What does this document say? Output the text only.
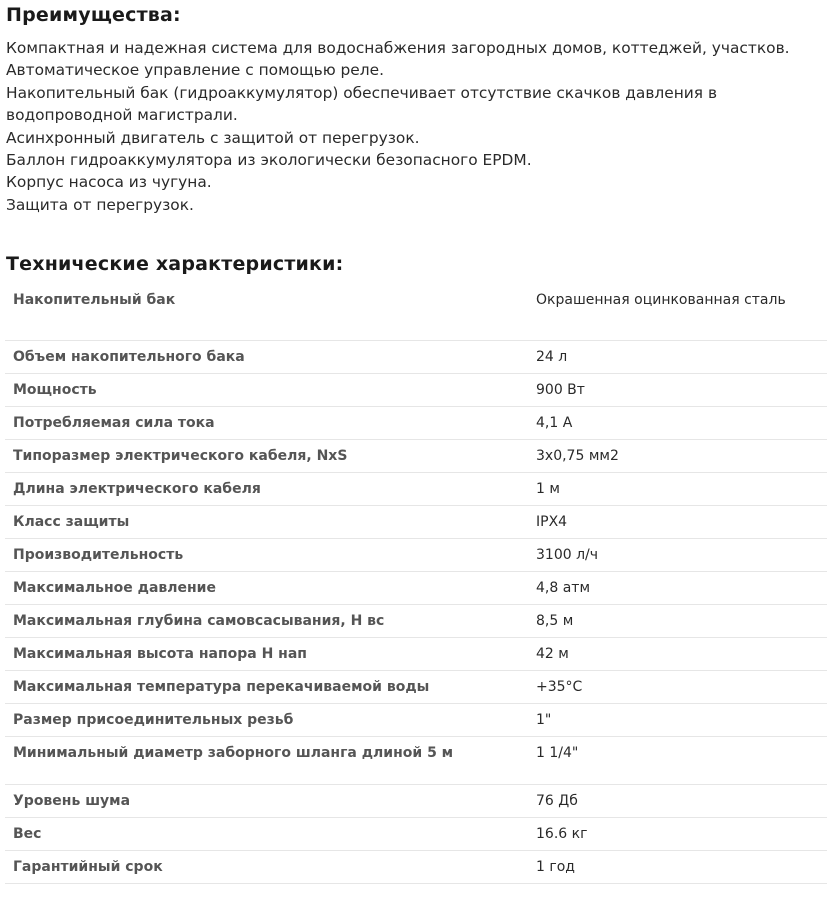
Преимущества:
Компактная и надежная система для водоснабжения загородных домов, коттеджей, участков.
Автоматическое управление с помощью реле.
Накопительный бак (гидроаккумулятор) обеспечивает отсутствие скачков давления в водопроводной магистрали.
Асинхронный двигатель с защитой от перегрузок.
Баллон гидроаккумулятора из экологически безопасного EPDM.
Корпус насоса из чугуна.
Защита от перегрузок.
Технические характеристики:
Накопительный бак	Окрашенная оцинкованная сталь
Объем накопительного бака	24 л
Мощность	900 Вт
Потребляемая сила тока	4,1 А
Типоразмер электрического кабеля, NxS	3х0,75 мм2
Длина электрического кабеля	1 м
Класс защиты	IPX4
Производительность	3100 л/ч
Максимальное давление	4,8 атм
Максимальная глубина самовсасывания, Н вс	8,5 м
Максимальная высота напора Н нап	42 м
Максимальная температура перекачиваемой воды	+35°С
Размер присоединительных резьб	1"
Минимальный диаметр заборного шланга длиной 5 м	1 1/4"
Уровень шума	76 Дб
Вес	16.6 кг
Гарантийный срок	1 год
